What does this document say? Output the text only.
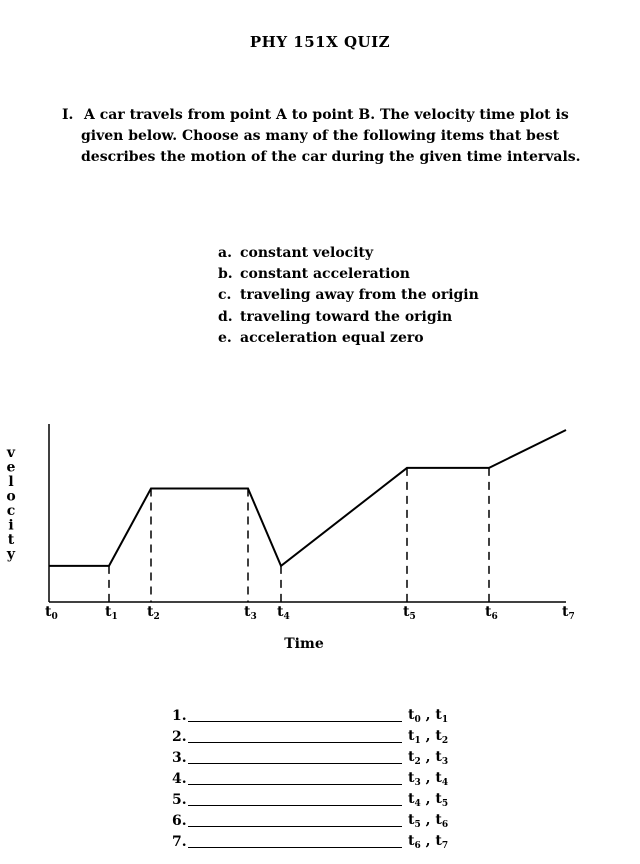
PHY 151X QUIZ
I. A car travels from point A to point B. The velocity time plot is
given below. Choose as many of the following items that best
describes the motion of the car during the given time intervals.
a. constant velocity
b. constant acceleration
c. traveling away from the origin
d. traveling toward the origin
e. acceleration equal zero
v
e
l
o
c
i
t
y
$t_0$	$t_1$ $t_2$	$t_3$ $t_4$	$t_5$	$t_6$	$t_7$
Time
1.	$t_0$ , $t_1$
2.	$t_1$ , $t_2$
3.	$t_2$ , $t_3$
4.	$t_3$ , $t_4$
5.	$t_4$ , $t_5$
6.	$t_5$ , $t_6$
7.	$t_6$ , $t_7$
